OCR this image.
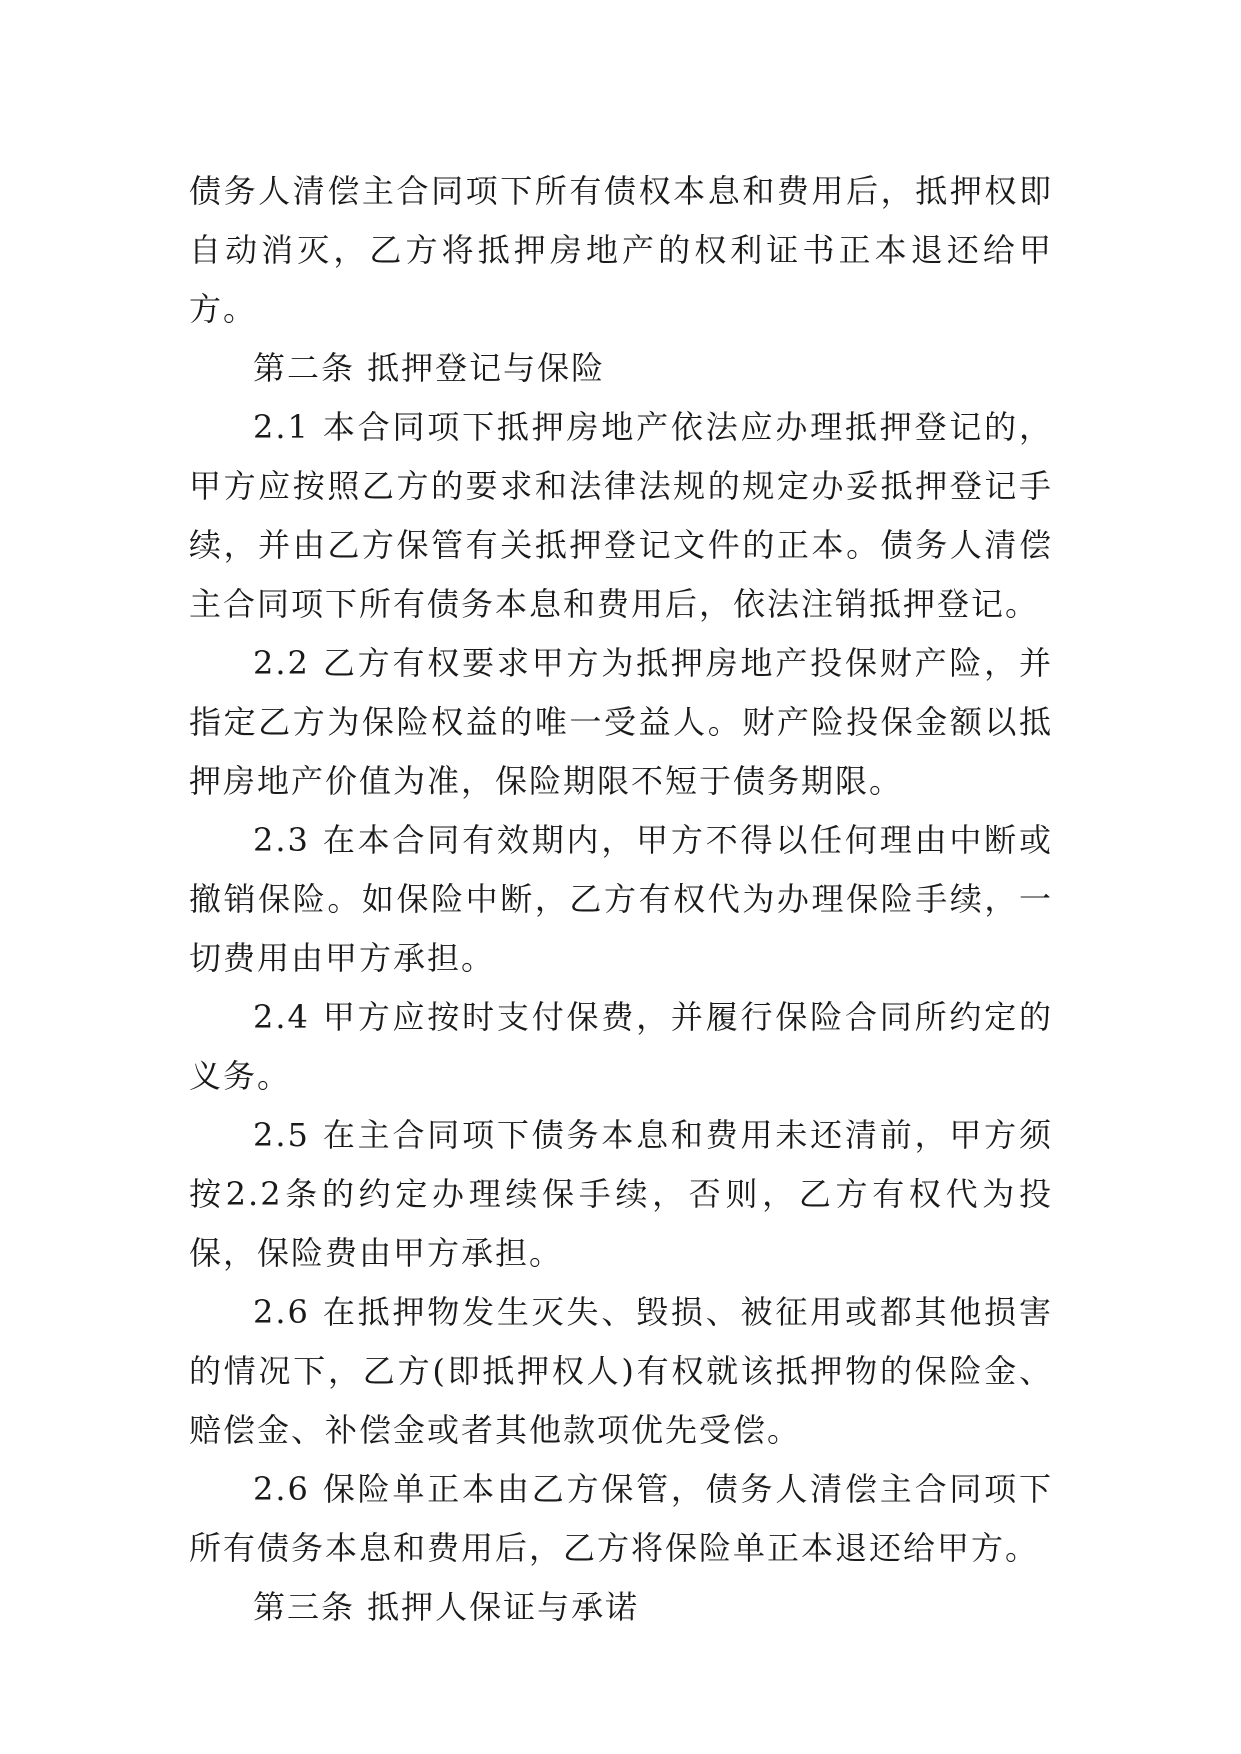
债务人清偿主合同项下所有债权本息和费用后，抵押权即自动消灭，乙方将抵押房地产的权利证书正本退还给甲方。

第二条 抵押登记与保险

2.1 本合同项下抵押房地产依法应办理抵押登记的，甲方应按照乙方的要求和法律法规的规定办妥抵押登记手续，并由乙方保管有关抵押登记文件的正本。债务人清偿主合同项下所有债务本息和费用后，依法注销抵押登记。

2.2 乙方有权要求甲方为抵押房地产投保财产险，并指定乙方为保险权益的唯一受益人。财产险投保金额以抵押房地产价值为准，保险期限不短于债务期限。

2.3 在本合同有效期内，甲方不得以任何理由中断或撤销保险。如保险中断，乙方有权代为办理保险手续，一切费用由甲方承担。

2.4 甲方应按时支付保费，并履行保险合同所约定的义务。

2.5 在主合同项下债务本息和费用未还清前，甲方须按2.2条的约定办理续保手续，否则，乙方有权代为投保，保险费由甲方承担。

2.6 在抵押物发生灭失、毁损、被征用或都其他损害的情况下，乙方(即抵押权人)有权就该抵押物的保险金、赔偿金、补偿金或者其他款项优先受偿。

2.6 保险单正本由乙方保管，债务人清偿主合同项下所有债务本息和费用后，乙方将保险单正本退还给甲方。

第三条 抵押人保证与承诺
